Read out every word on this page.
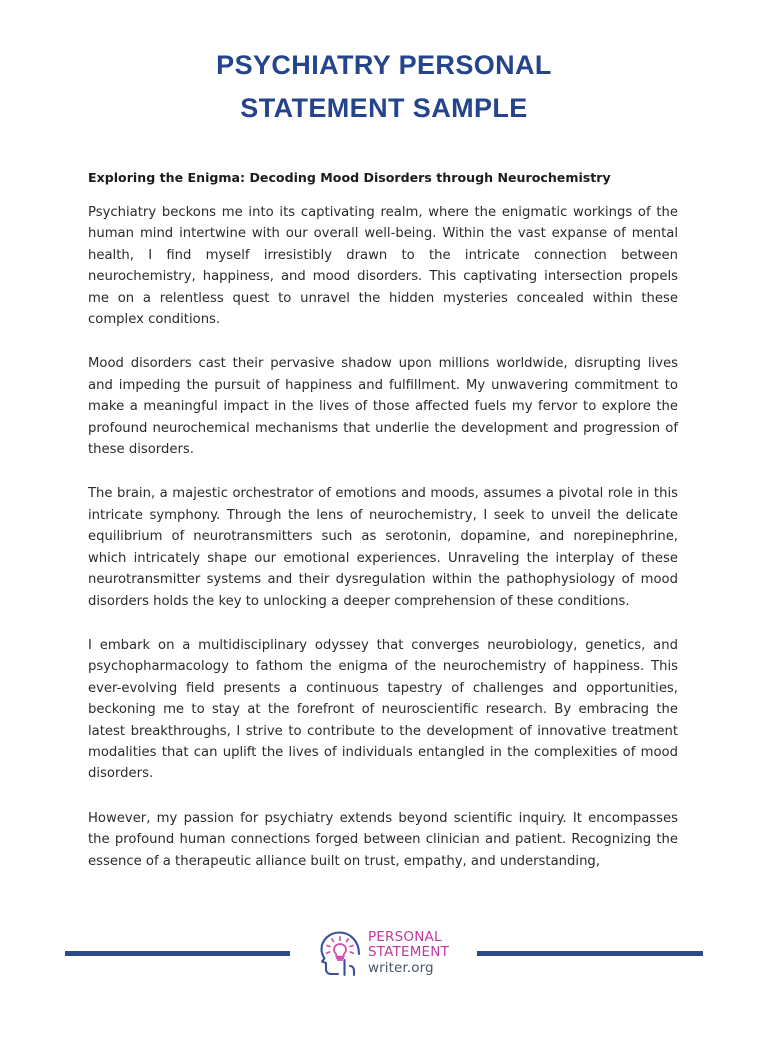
PSYCHIATRY PERSONAL
STATEMENT SAMPLE

Exploring the Enigma: Decoding Mood Disorders through Neurochemistry

Psychiatry beckons me into its captivating realm, where the enigmatic workings of the human mind intertwine with our overall well-being. Within the vast expanse of mental health, I find myself irresistibly drawn to the intricate connection between neurochemistry, happiness, and mood disorders. This captivating intersection propels me on a relentless quest to unravel the hidden mysteries concealed within these complex conditions.

Mood disorders cast their pervasive shadow upon millions worldwide, disrupting lives and impeding the pursuit of happiness and fulfillment. My unwavering commitment to make a meaningful impact in the lives of those affected fuels my fervor to explore the profound neurochemical mechanisms that underlie the development and progression of these disorders.

The brain, a majestic orchestrator of emotions and moods, assumes a pivotal role in this intricate symphony. Through the lens of neurochemistry, I seek to unveil the delicate equilibrium of neurotransmitters such as serotonin, dopamine, and norepinephrine, which intricately shape our emotional experiences. Unraveling the interplay of these neurotransmitter systems and their dysregulation within the pathophysiology of mood disorders holds the key to unlocking a deeper comprehension of these conditions.

I embark on a multidisciplinary odyssey that converges neurobiology, genetics, and psychopharmacology to fathom the enigma of the neurochemistry of happiness. This ever-evolving field presents a continuous tapestry of challenges and opportunities, beckoning me to stay at the forefront of neuroscientific research. By embracing the latest breakthroughs, I strive to contribute to the development of innovative treatment modalities that can uplift the lives of individuals entangled in the complexities of mood disorders.

However, my passion for psychiatry extends beyond scientific inquiry. It encompasses the profound human connections forged between clinician and patient. Recognizing the essence of a therapeutic alliance built on trust, empathy, and understanding,

PERSONAL
STATEMENT
writer.org
